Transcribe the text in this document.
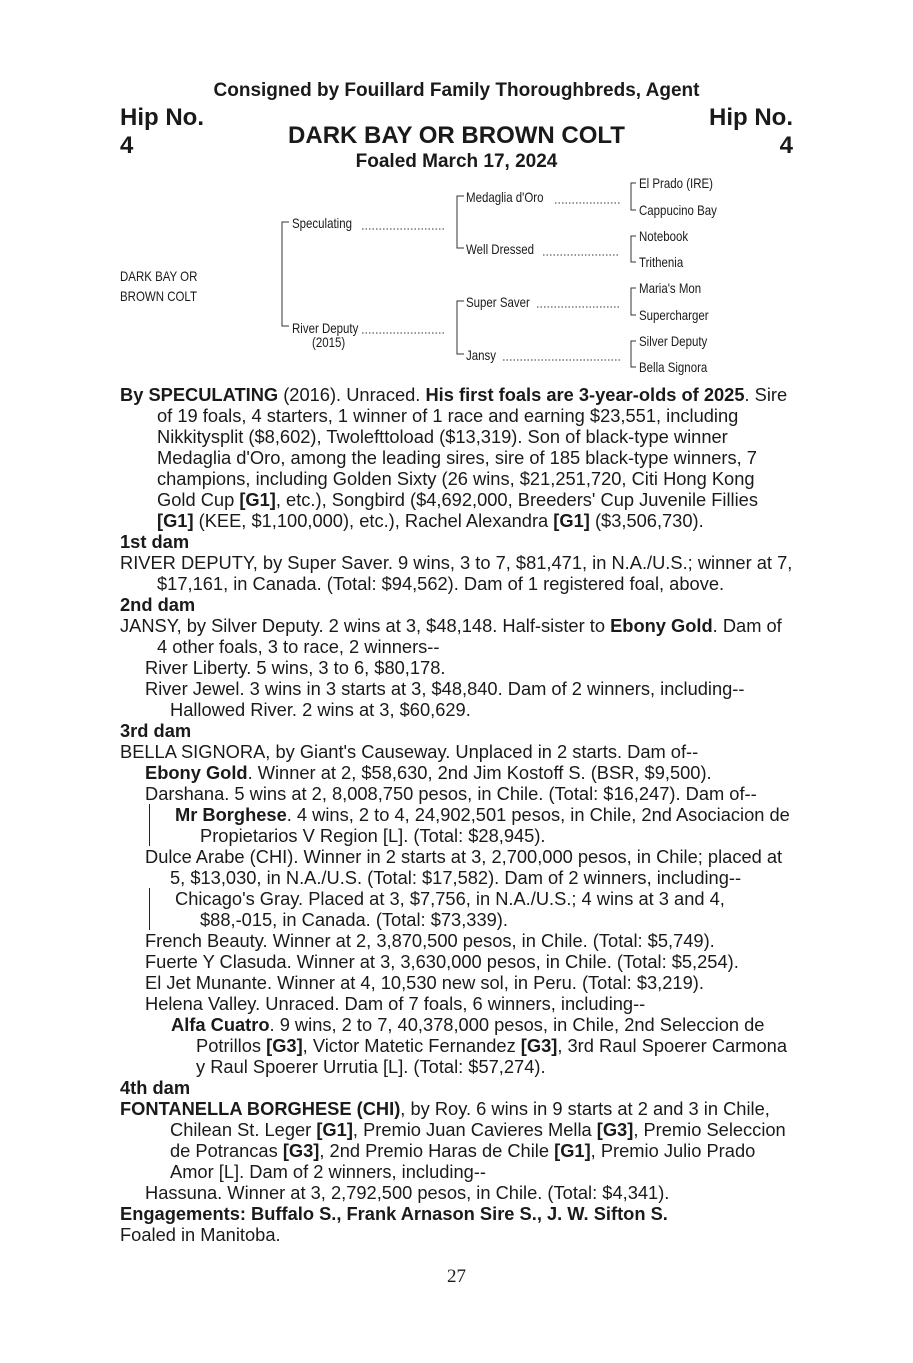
Consigned by Fouillard Family Thoroughbreds, Agent
Hip No.
4
Hip No.
4
DARK BAY OR BROWN COLT
Foaled March 17, 2024
DARK BAY OR
BROWN COLT
Speculating
River Deputy
(2015)
Medaglia d'Oro
Well Dressed
Super Saver
Jansy
El Prado (IRE)
Cappucino Bay
Notebook
Trithenia
Maria's Mon
Supercharger
Silver Deputy
Bella Signora

By SPECULATING (2016). Unraced. His first foals are 3-year-olds of 2025. Sire of 19 foals, 4 starters, 1 winner of 1 race and earning $23,551, including Nikkitysplit ($8,602), Twolefttoload ($13,319). Son of black-type winner Medaglia d'Oro, among the leading sires, sire of 185 black-type winners, 7 champions, including Golden Sixty (26 wins, $21,251,720, Citi Hong Kong Gold Cup [G1], etc.), Songbird ($4,692,000, Breeders' Cup Juvenile Fillies [G1] (KEE, $1,100,000), etc.), Rachel Alexandra [G1] ($3,506,730).

1st dam

RIVER DEPUTY, by Super Saver. 9 wins, 3 to 7, $81,471, in N.A./U.S.; winner at 7, $17,161, in Canada. (Total: $94,562). Dam of 1 registered foal, above.

2nd dam

JANSY, by Silver Deputy. 2 wins at 3, $48,148. Half-sister to Ebony Gold. Dam of 4 other foals, 3 to race, 2 winners--

River Liberty. 5 wins, 3 to 6, $80,178.

River Jewel. 3 wins in 3 starts at 3, $48,840. Dam of 2 winners, including--

Hallowed River. 2 wins at 3, $60,629.

3rd dam

BELLA SIGNORA, by Giant's Causeway. Unplaced in 2 starts. Dam of--

Ebony Gold. Winner at 2, $58,630, 2nd Jim Kostoff S. (BSR, $9,500).

Darshana. 5 wins at 2, 8,008,750 pesos, in Chile. (Total: $16,247). Dam of--

Mr Borghese. 4 wins, 2 to 4, 24,902,501 pesos, in Chile, 2nd Asociacion de Propietarios V Region [L]. (Total: $28,945).

Dulce Arabe (CHI). Winner in 2 starts at 3, 2,700,000 pesos, in Chile; placed at 5, $13,030, in N.A./U.S. (Total: $17,582). Dam of 2 winners, including--

Chicago's Gray. Placed at 3, $7,756, in N.A./U.S.; 4 wins at 3 and 4, $88,-015, in Canada. (Total: $73,339).

French Beauty. Winner at 2, 3,870,500 pesos, in Chile. (Total: $5,749).

Fuerte Y Clasuda. Winner at 3, 3,630,000 pesos, in Chile. (Total: $5,254).

El Jet Munante. Winner at 4, 10,530 new sol, in Peru. (Total: $3,219).

Helena Valley. Unraced. Dam of 7 foals, 6 winners, including--

Alfa Cuatro. 9 wins, 2 to 7, 40,378,000 pesos, in Chile, 2nd Seleccion de Potrillos [G3], Victor Matetic Fernandez [G3], 3rd Raul Spoerer Carmona y Raul Spoerer Urrutia [L]. (Total: $57,274).

4th dam

FONTANELLA BORGHESE (CHI), by Roy. 6 wins in 9 starts at 2 and 3 in Chile, Chilean St. Leger [G1], Premio Juan Cavieres Mella [G3], Premio Seleccion de Potrancas [G3], 2nd Premio Haras de Chile [G1], Premio Julio Prado Amor [L]. Dam of 2 winners, including--

Hassuna. Winner at 3, 2,792,500 pesos, in Chile. (Total: $4,341).

Engagements: Buffalo S., Frank Arnason Sire S., J. W. Sifton S.

Foaled in Manitoba.

27
